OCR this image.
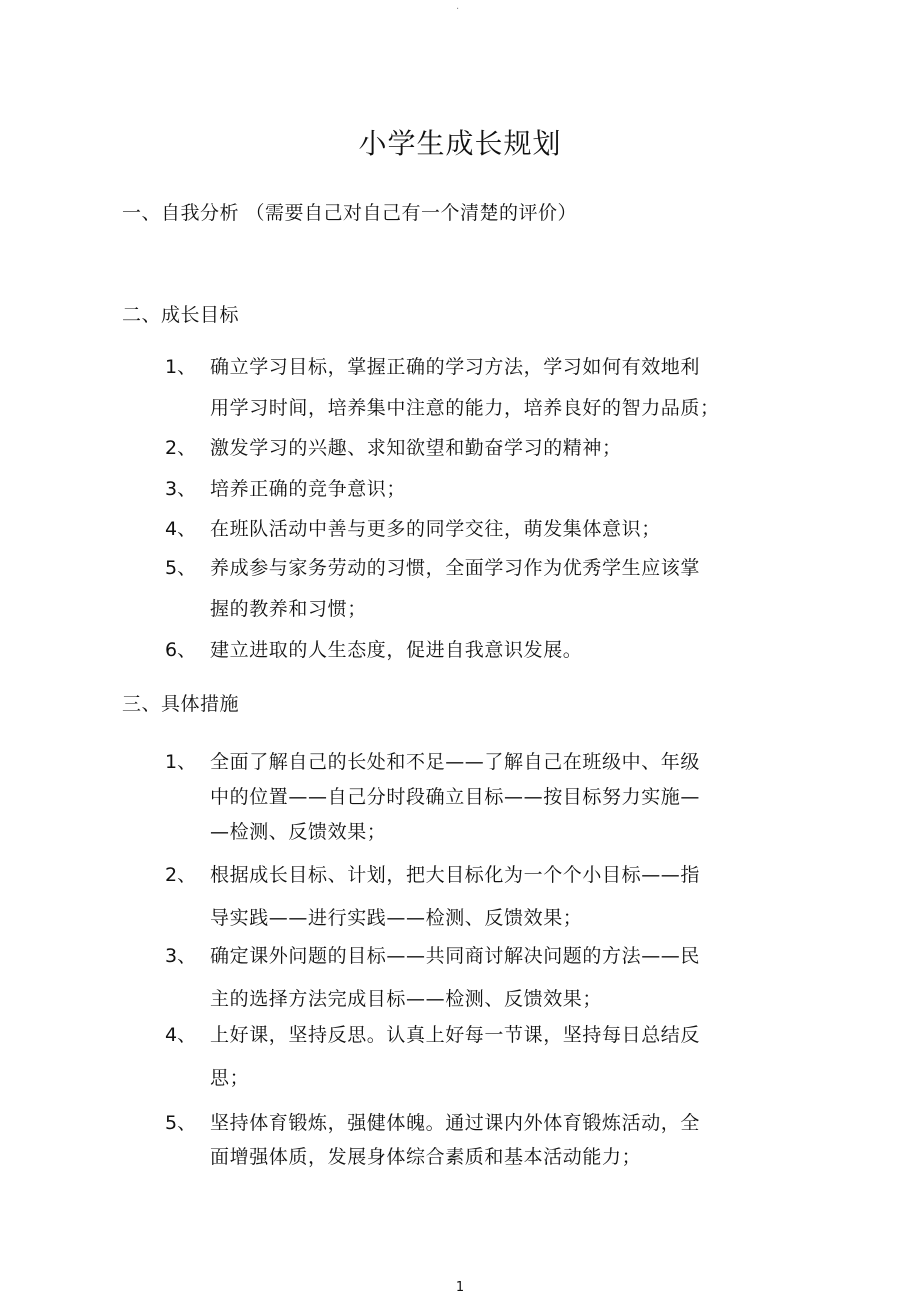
·
小学生成长规划
一、自我分析 （需要自己对自己有一个清楚的评价）
二、成长目标
1、 确立学习目标，掌握正确的学习方法，学习如何有效地利
用学习时间，培养集中注意的能力，培养良好的智力品质；
2、 激发学习的兴趣、求知欲望和勤奋学习的精神；
3、 培养正确的竞争意识；
4、 在班队活动中善与更多的同学交往，萌发集体意识；
5、 养成参与家务劳动的习惯，全面学习作为优秀学生应该掌
握的教养和习惯；
6、 建立进取的人生态度，促进自我意识发展。
三、具体措施
1、 全面了解自己的长处和不足——了解自己在班级中、年级
中的位置——自己分时段确立目标——按目标努力实施—
—检测、反馈效果；
2、 根据成长目标、计划，把大目标化为一个个小目标——指
导实践——进行实践——检测、反馈效果；
3、 确定课外问题的目标——共同商讨解决问题的方法——民
主的选择方法完成目标——检测、反馈效果；
4、 上好课，坚持反思。认真上好每一节课，坚持每日总结反
思；
5、 坚持体育锻炼，强健体魄。通过课内外体育锻炼活动，全
面增强体质，发展身体综合素质和基本活动能力；
1
